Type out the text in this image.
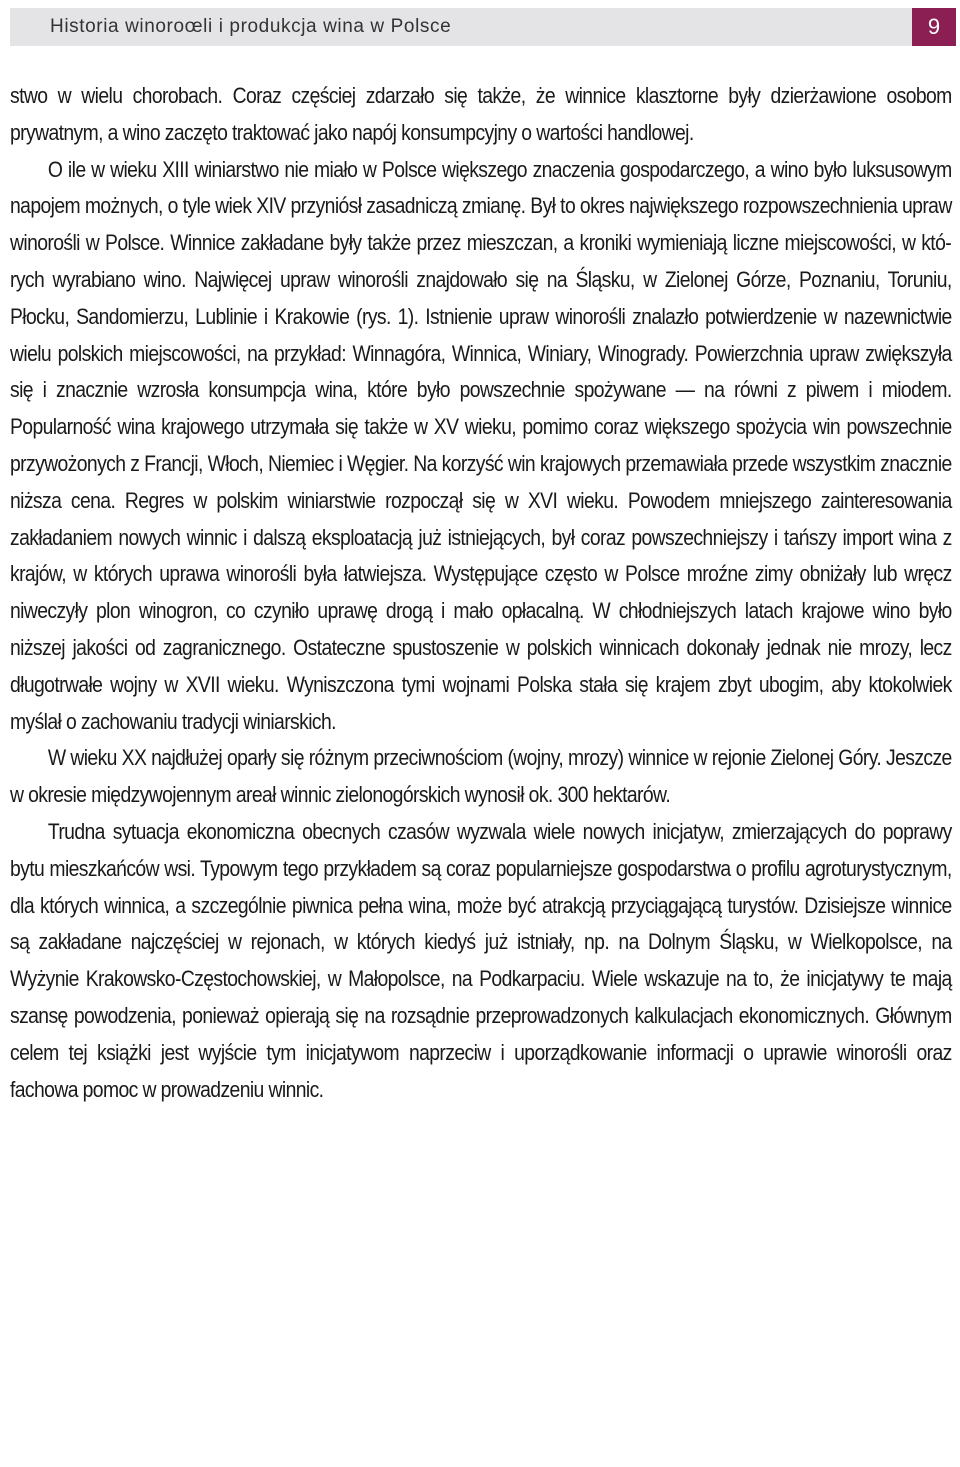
Historia winoroœli i produkcja wina w Polsce	9

stwo w wielu chorobach. Coraz częściej zdarzało się także, że winnice klasztorne były dzierżawione osobom prywatnym, a wino zaczęto traktować jako napój konsumpcyjny o wartości handlowej.

O ile w wieku XIII winiarstwo nie miało w Polsce większego znaczenia gospodarczego, a wino było luksusowym napojem możnych, o tyle wiek XIV przyniósł zasadniczą zmianę. Był to okres największego rozpowszechnienia upraw winorośli w Polsce. Winnice zakładane były także przez mieszczan, a kroniki wymieniają liczne miejscowości, w których wyrabiano wino. Najwięcej upraw winorośli znajdowało się na Śląsku, w Zielonej Górze, Poznaniu, Toruniu, Płocku, Sandomierzu, Lublinie i Krakowie (rys. 1). Istnienie upraw winorośli znalazło potwierdzenie w nazewnictwie wielu polskich miejscowości, na przykład: Winnagóra, Winnica, Winiary, Winogrady. Powierzchnia upraw zwiększyła się i znacznie wzrosła konsumpcja wina, które było powszechnie spożywane — na równi z piwem i miodem. Popularność wina krajowego utrzymała się także w XV wieku, pomimo coraz większego spożycia win powszechnie przywożonych z Francji, Włoch, Niemiec i Węgier. Na korzyść win krajowych przemawiała przede wszystkim znacznie niższa cena. Regres w polskim winiarstwie rozpoczął się w XVI wieku. Powodem mniejszego zainteresowania zakładaniem nowych winnic i dalszą eksploatacją już istniejących, był coraz powszechniejszy i tańszy import wina z krajów, w których uprawa winorośli była łatwiejsza. Występujące często w Polsce mroźne zimy obniżały lub wręcz niweczyły plon winogron, co czyniło uprawę drogą i mało opłacalną. W chłodniejszych latach krajowe wino było niższej jakości od zagranicznego. Ostateczne spustoszenie w polskich winnicach dokonały jednak nie mrozy, lecz długotrwałe wojny w XVII wieku. Wyniszczona tymi wojnami Polska stała się krajem zbyt ubogim, aby ktokolwiek myślał o zachowaniu tradycji winiarskich.

W wieku XX najdłużej oparły się różnym przeciwnościom (wojny, mrozy) winnice w rejonie Zielonej Góry. Jeszcze w okresie międzywojennym areał winnic zielonogórskich wynosił ok. 300 hektarów.

Trudna sytuacja ekonomiczna obecnych czasów wyzwala wiele nowych inicjatyw, zmierzających do poprawy bytu mieszkańców wsi. Typowym tego przykładem są coraz popularniejsze gospodarstwa o profilu agroturystycznym, dla których winnica, a szczególnie piwnica pełna wina, może być atrakcją przyciągającą turystów. Dzisiejsze winnice są zakładane najczęściej w rejonach, w których kiedyś już istniały, np. na Dolnym Śląsku, w Wielkopolsce, na Wyżynie Krakowsko-Częstochowskiej, w Małopolsce, na Podkarpaciu. Wiele wskazuje na to, że inicjatywy te mają szansę powodzenia, ponieważ opierają się na rozsądnie przeprowadzonych kalkulacjach ekonomicznych. Głównym celem tej książki jest wyjście tym inicjatywom naprzeciw i uporządkowanie informacji o uprawie winorośli oraz fachowa pomoc w prowadzeniu winnic.
